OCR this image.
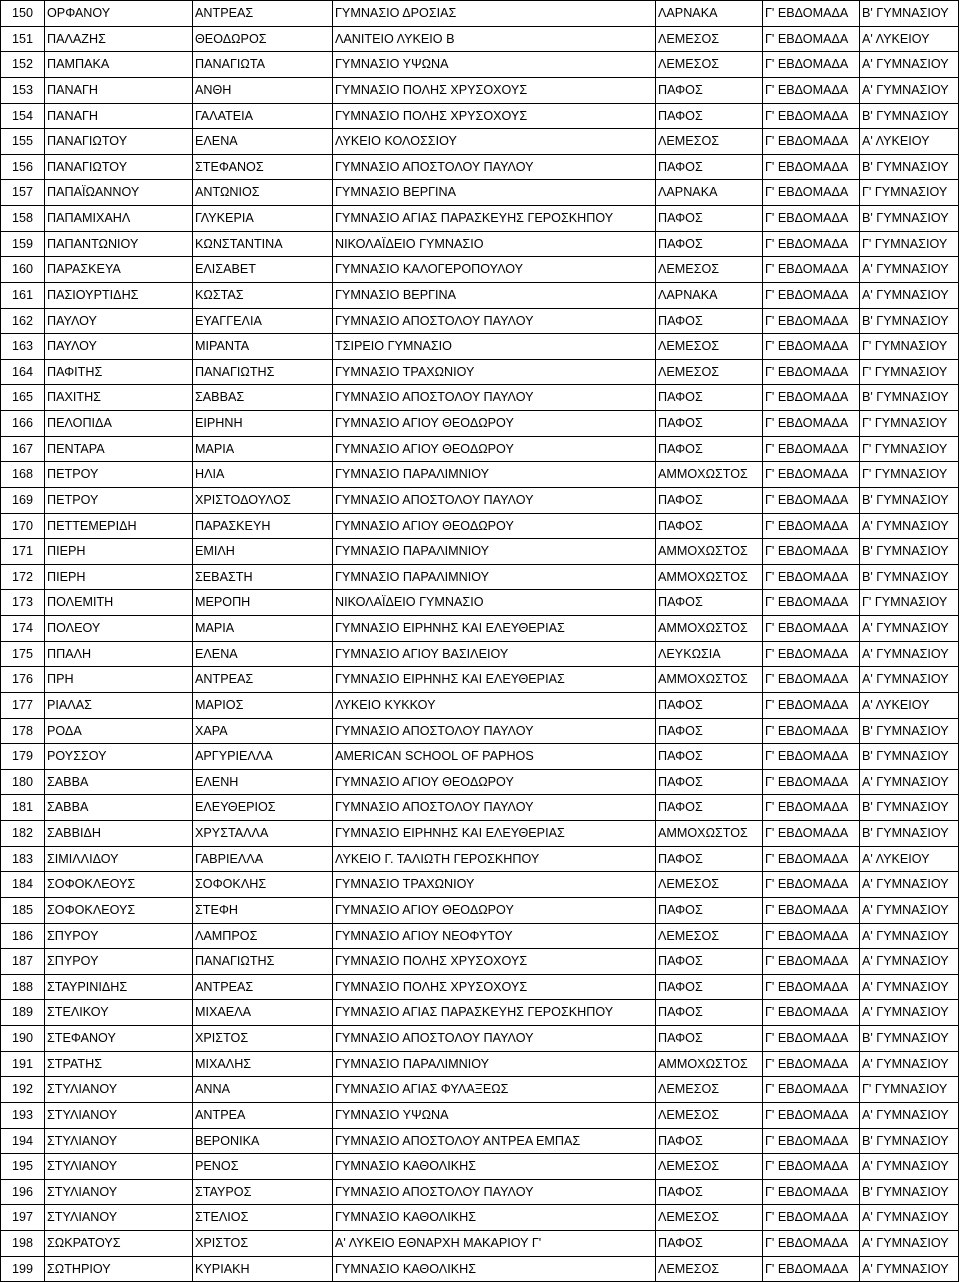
150	ΟΡΦΑΝΟΥ	ΑΝΤΡΕΑΣ	ΓΥΜΝΑΣΙΟ ΔΡΟΣΙΑΣ	ΛΑΡΝΑΚΑ	Γ' ΕΒΔΟΜΑΔΑ	Β' ΓΥΜΝΑΣΙΟΥ
151	ΠΑΛΑΖΗΣ	ΘΕΟΔΩΡΟΣ	ΛΑΝΙΤΕΙΟ ΛΥΚΕΙΟ Β	ΛΕΜΕΣΟΣ	Γ' ΕΒΔΟΜΑΔΑ	Α' ΛΥΚΕΙΟΥ
152	ΠΑΜΠΑΚΑ	ΠΑΝΑΓΙΩΤΑ	ΓΥΜΝΑΣΙΟ ΥΨΩΝΑ	ΛΕΜΕΣΟΣ	Γ' ΕΒΔΟΜΑΔΑ	Α' ΓΥΜΝΑΣΙΟΥ
153	ΠΑΝΑΓΗ	ΑΝΘΗ	ΓΥΜΝΑΣΙΟ ΠΟΛΗΣ ΧΡΥΣΟΧΟΥΣ	ΠΑΦΟΣ	Γ' ΕΒΔΟΜΑΔΑ	Α' ΓΥΜΝΑΣΙΟΥ
154	ΠΑΝΑΓΗ	ΓΑΛΑΤΕΙΑ	ΓΥΜΝΑΣΙΟ ΠΟΛΗΣ ΧΡΥΣΟΧΟΥΣ	ΠΑΦΟΣ	Γ' ΕΒΔΟΜΑΔΑ	Β' ΓΥΜΝΑΣΙΟΥ
155	ΠΑΝΑΓΙΩΤΟΥ	ΕΛΕΝΑ	ΛΥΚΕΙΟ ΚΟΛΟΣΣΙΟΥ	ΛΕΜΕΣΟΣ	Γ' ΕΒΔΟΜΑΔΑ	Α' ΛΥΚΕΙΟΥ
156	ΠΑΝΑΓΙΩΤΟΥ	ΣΤΕΦΑΝΟΣ	ΓΥΜΝΑΣΙΟ ΑΠΟΣΤΟΛΟΥ ΠΑΥΛΟΥ	ΠΑΦΟΣ	Γ' ΕΒΔΟΜΑΔΑ	Β' ΓΥΜΝΑΣΙΟΥ
157	ΠΑΠΑΪΩΑΝΝΟΥ	ΑΝΤΩΝΙΟΣ	ΓΥΜΝΑΣΙΟ ΒΕΡΓΙΝΑ	ΛΑΡΝΑΚΑ	Γ' ΕΒΔΟΜΑΔΑ	Γ' ΓΥΜΝΑΣΙΟΥ
158	ΠΑΠΑΜΙΧΑΗΛ	ΓΛΥΚΕΡΙΑ	ΓΥΜΝΑΣΙΟ ΑΓΙΑΣ ΠΑΡΑΣΚΕΥΗΣ ΓΕΡΟΣΚΗΠΟΥ	ΠΑΦΟΣ	Γ' ΕΒΔΟΜΑΔΑ	Β' ΓΥΜΝΑΣΙΟΥ
159	ΠΑΠΑΝΤΩΝΙΟΥ	ΚΩΝΣΤΑΝΤΙΝΑ	ΝΙΚΟΛΑΪΔΕΙΟ ΓΥΜΝΑΣΙΟ	ΠΑΦΟΣ	Γ' ΕΒΔΟΜΑΔΑ	Γ' ΓΥΜΝΑΣΙΟΥ
160	ΠΑΡΑΣΚΕΥΑ	ΕΛΙΣΑΒΕΤ	ΓΥΜΝΑΣΙΟ ΚΑΛΟΓΕΡΟΠΟΥΛΟΥ	ΛΕΜΕΣΟΣ	Γ' ΕΒΔΟΜΑΔΑ	Α' ΓΥΜΝΑΣΙΟΥ
161	ΠΑΣΙΟΥΡΤΙΔΗΣ	ΚΩΣΤΑΣ	ΓΥΜΝΑΣΙΟ ΒΕΡΓΙΝΑ	ΛΑΡΝΑΚΑ	Γ' ΕΒΔΟΜΑΔΑ	Α' ΓΥΜΝΑΣΙΟΥ
162	ΠΑΥΛΟΥ	ΕΥΑΓΓΕΛΙΑ	ΓΥΜΝΑΣΙΟ ΑΠΟΣΤΟΛΟΥ ΠΑΥΛΟΥ	ΠΑΦΟΣ	Γ' ΕΒΔΟΜΑΔΑ	Β' ΓΥΜΝΑΣΙΟΥ
163	ΠΑΥΛΟΥ	ΜΙΡΑΝΤΑ	ΤΣΙΡΕΙΟ ΓΥΜΝΑΣΙΟ	ΛΕΜΕΣΟΣ	Γ' ΕΒΔΟΜΑΔΑ	Γ' ΓΥΜΝΑΣΙΟΥ
164	ΠΑΦΙΤΗΣ	ΠΑΝΑΓΙΩΤΗΣ	ΓΥΜΝΑΣΙΟ ΤΡΑΧΩΝΙΟΥ	ΛΕΜΕΣΟΣ	Γ' ΕΒΔΟΜΑΔΑ	Γ' ΓΥΜΝΑΣΙΟΥ
165	ΠΑΧΙΤΗΣ	ΣΑΒΒΑΣ	ΓΥΜΝΑΣΙΟ ΑΠΟΣΤΟΛΟΥ ΠΑΥΛΟΥ	ΠΑΦΟΣ	Γ' ΕΒΔΟΜΑΔΑ	Β' ΓΥΜΝΑΣΙΟΥ
166	ΠΕΛΟΠΙΔΑ	ΕΙΡΗΝΗ	ΓΥΜΝΑΣΙΟ ΑΓΙΟΥ ΘΕΟΔΩΡΟΥ	ΠΑΦΟΣ	Γ' ΕΒΔΟΜΑΔΑ	Γ' ΓΥΜΝΑΣΙΟΥ
167	ΠΕΝΤΑΡΑ	ΜΑΡΙΑ	ΓΥΜΝΑΣΙΟ ΑΓΙΟΥ ΘΕΟΔΩΡΟΥ	ΠΑΦΟΣ	Γ' ΕΒΔΟΜΑΔΑ	Γ' ΓΥΜΝΑΣΙΟΥ
168	ΠΕΤΡΟΥ	ΗΛΙΑ	ΓΥΜΝΑΣΙΟ ΠΑΡΑΛΙΜΝΙΟΥ	ΑΜΜΟΧΩΣΤΟΣ	Γ' ΕΒΔΟΜΑΔΑ	Γ' ΓΥΜΝΑΣΙΟΥ
169	ΠΕΤΡΟΥ	ΧΡΙΣΤΟΔΟΥΛΟΣ	ΓΥΜΝΑΣΙΟ ΑΠΟΣΤΟΛΟΥ ΠΑΥΛΟΥ	ΠΑΦΟΣ	Γ' ΕΒΔΟΜΑΔΑ	Β' ΓΥΜΝΑΣΙΟΥ
170	ΠΕΤΤΕΜΕΡΙΔΗ	ΠΑΡΑΣΚΕΥΗ	ΓΥΜΝΑΣΙΟ ΑΓΙΟΥ ΘΕΟΔΩΡΟΥ	ΠΑΦΟΣ	Γ' ΕΒΔΟΜΑΔΑ	Α' ΓΥΜΝΑΣΙΟΥ
171	ΠΙΕΡΗ	ΕΜΙΛΗ	ΓΥΜΝΑΣΙΟ ΠΑΡΑΛΙΜΝΙΟΥ	ΑΜΜΟΧΩΣΤΟΣ	Γ' ΕΒΔΟΜΑΔΑ	Β' ΓΥΜΝΑΣΙΟΥ
172	ΠΙΕΡΗ	ΣΕΒΑΣΤΗ	ΓΥΜΝΑΣΙΟ ΠΑΡΑΛΙΜΝΙΟΥ	ΑΜΜΟΧΩΣΤΟΣ	Γ' ΕΒΔΟΜΑΔΑ	Β' ΓΥΜΝΑΣΙΟΥ
173	ΠΟΛΕΜΙΤΗ	ΜΕΡΟΠΗ	ΝΙΚΟΛΑΪΔΕΙΟ ΓΥΜΝΑΣΙΟ	ΠΑΦΟΣ	Γ' ΕΒΔΟΜΑΔΑ	Γ' ΓΥΜΝΑΣΙΟΥ
174	ΠΟΛΕΟΥ	ΜΑΡΙΑ	ΓΥΜΝΑΣΙΟ ΕΙΡΗΝΗΣ ΚΑΙ ΕΛΕΥΘΕΡΙΑΣ	ΑΜΜΟΧΩΣΤΟΣ	Γ' ΕΒΔΟΜΑΔΑ	Α' ΓΥΜΝΑΣΙΟΥ
175	ΠΠΑΛΗ	ΕΛΕΝΑ	ΓΥΜΝΑΣΙΟ ΑΓΙΟΥ ΒΑΣΙΛΕΙΟΥ	ΛΕΥΚΩΣΙΑ	Γ' ΕΒΔΟΜΑΔΑ	Α' ΓΥΜΝΑΣΙΟΥ
176	ΠΡΗ	ΑΝΤΡΕΑΣ	ΓΥΜΝΑΣΙΟ ΕΙΡΗΝΗΣ ΚΑΙ ΕΛΕΥΘΕΡΙΑΣ	ΑΜΜΟΧΩΣΤΟΣ	Γ' ΕΒΔΟΜΑΔΑ	Α' ΓΥΜΝΑΣΙΟΥ
177	ΡΙΑΛΑΣ	ΜΑΡΙΟΣ	ΛΥΚΕΙΟ ΚΥΚΚΟΥ	ΠΑΦΟΣ	Γ' ΕΒΔΟΜΑΔΑ	Α' ΛΥΚΕΙΟΥ
178	ΡΟΔΑ	ΧΑΡΑ	ΓΥΜΝΑΣΙΟ ΑΠΟΣΤΟΛΟΥ ΠΑΥΛΟΥ	ΠΑΦΟΣ	Γ' ΕΒΔΟΜΑΔΑ	Β' ΓΥΜΝΑΣΙΟΥ
179	ΡΟΥΣΣΟΥ	ΑΡΓΥΡΙΕΛΛΑ	AMERICAN SCHOOL OF PAPHOS	ΠΑΦΟΣ	Γ' ΕΒΔΟΜΑΔΑ	Β' ΓΥΜΝΑΣΙΟΥ
180	ΣΑΒΒΑ	ΕΛΕΝΗ	ΓΥΜΝΑΣΙΟ ΑΓΙΟΥ ΘΕΟΔΩΡΟΥ	ΠΑΦΟΣ	Γ' ΕΒΔΟΜΑΔΑ	Α' ΓΥΜΝΑΣΙΟΥ
181	ΣΑΒΒΑ	ΕΛΕΥΘΕΡΙΟΣ	ΓΥΜΝΑΣΙΟ ΑΠΟΣΤΟΛΟΥ ΠΑΥΛΟΥ	ΠΑΦΟΣ	Γ' ΕΒΔΟΜΑΔΑ	Β' ΓΥΜΝΑΣΙΟΥ
182	ΣΑΒΒΙΔΗ	ΧΡΥΣΤΑΛΛΑ	ΓΥΜΝΑΣΙΟ ΕΙΡΗΝΗΣ ΚΑΙ ΕΛΕΥΘΕΡΙΑΣ	ΑΜΜΟΧΩΣΤΟΣ	Γ' ΕΒΔΟΜΑΔΑ	Β' ΓΥΜΝΑΣΙΟΥ
183	ΣΙΜΙΛΛΙΔΟΥ	ΓΑΒΡΙΕΛΛΑ	ΛΥΚΕΙΟ Γ. ΤΑΛΙΩΤΗ ΓΕΡΟΣΚΗΠΟΥ	ΠΑΦΟΣ	Γ' ΕΒΔΟΜΑΔΑ	Α' ΛΥΚΕΙΟΥ
184	ΣΟΦΟΚΛΕΟΥΣ	ΣΟΦΟΚΛΗΣ	ΓΥΜΝΑΣΙΟ ΤΡΑΧΩΝΙΟΥ	ΛΕΜΕΣΟΣ	Γ' ΕΒΔΟΜΑΔΑ	Α' ΓΥΜΝΑΣΙΟΥ
185	ΣΟΦΟΚΛΕΟΥΣ	ΣΤΕΦΗ	ΓΥΜΝΑΣΙΟ ΑΓΙΟΥ ΘΕΟΔΩΡΟΥ	ΠΑΦΟΣ	Γ' ΕΒΔΟΜΑΔΑ	Α' ΓΥΜΝΑΣΙΟΥ
186	ΣΠΥΡΟΥ	ΛΑΜΠΡΟΣ	ΓΥΜΝΑΣΙΟ ΑΓΙΟΥ ΝΕΟΦΥΤΟΥ	ΛΕΜΕΣΟΣ	Γ' ΕΒΔΟΜΑΔΑ	Α' ΓΥΜΝΑΣΙΟΥ
187	ΣΠΥΡΟΥ	ΠΑΝΑΓΙΩΤΗΣ	ΓΥΜΝΑΣΙΟ ΠΟΛΗΣ ΧΡΥΣΟΧΟΥΣ	ΠΑΦΟΣ	Γ' ΕΒΔΟΜΑΔΑ	Α' ΓΥΜΝΑΣΙΟΥ
188	ΣΤΑΥΡΙΝΙΔΗΣ	ΑΝΤΡΕΑΣ	ΓΥΜΝΑΣΙΟ ΠΟΛΗΣ ΧΡΥΣΟΧΟΥΣ	ΠΑΦΟΣ	Γ' ΕΒΔΟΜΑΔΑ	Α' ΓΥΜΝΑΣΙΟΥ
189	ΣΤΕΛΙΚΟΥ	ΜΙΧΑΕΛΑ	ΓΥΜΝΑΣΙΟ ΑΓΙΑΣ ΠΑΡΑΣΚΕΥΗΣ ΓΕΡΟΣΚΗΠΟΥ	ΠΑΦΟΣ	Γ' ΕΒΔΟΜΑΔΑ	Α' ΓΥΜΝΑΣΙΟΥ
190	ΣΤΕΦΑΝΟΥ	ΧΡΙΣΤΟΣ	ΓΥΜΝΑΣΙΟ ΑΠΟΣΤΟΛΟΥ ΠΑΥΛΟΥ	ΠΑΦΟΣ	Γ' ΕΒΔΟΜΑΔΑ	Β' ΓΥΜΝΑΣΙΟΥ
191	ΣΤΡΑΤΗΣ	ΜΙΧΑΛΗΣ	ΓΥΜΝΑΣΙΟ ΠΑΡΑΛΙΜΝΙΟΥ	ΑΜΜΟΧΩΣΤΟΣ	Γ' ΕΒΔΟΜΑΔΑ	Α' ΓΥΜΝΑΣΙΟΥ
192	ΣΤΥΛΙΑΝΟΥ	ΑΝΝΑ	ΓΥΜΝΑΣΙΟ ΑΓΙΑΣ ΦΥΛΑΞΕΩΣ	ΛΕΜΕΣΟΣ	Γ' ΕΒΔΟΜΑΔΑ	Γ' ΓΥΜΝΑΣΙΟΥ
193	ΣΤΥΛΙΑΝΟΥ	ΑΝΤΡΕΑ	ΓΥΜΝΑΣΙΟ ΥΨΩΝΑ	ΛΕΜΕΣΟΣ	Γ' ΕΒΔΟΜΑΔΑ	Α' ΓΥΜΝΑΣΙΟΥ
194	ΣΤΥΛΙΑΝΟΥ	ΒΕΡΟΝΙΚΑ	ΓΥΜΝΑΣΙΟ ΑΠΟΣΤΟΛΟΥ ΑΝΤΡΕΑ ΕΜΠΑΣ	ΠΑΦΟΣ	Γ' ΕΒΔΟΜΑΔΑ	Β' ΓΥΜΝΑΣΙΟΥ
195	ΣΤΥΛΙΑΝΟΥ	ΡΕΝΟΣ	ΓΥΜΝΑΣΙΟ ΚΑΘΟΛΙΚΗΣ	ΛΕΜΕΣΟΣ	Γ' ΕΒΔΟΜΑΔΑ	Α' ΓΥΜΝΑΣΙΟΥ
196	ΣΤΥΛΙΑΝΟΥ	ΣΤΑΥΡΟΣ	ΓΥΜΝΑΣΙΟ ΑΠΟΣΤΟΛΟΥ ΠΑΥΛΟΥ	ΠΑΦΟΣ	Γ' ΕΒΔΟΜΑΔΑ	Β' ΓΥΜΝΑΣΙΟΥ
197	ΣΤΥΛΙΑΝΟΥ	ΣΤΕΛΙΟΣ	ΓΥΜΝΑΣΙΟ ΚΑΘΟΛΙΚΗΣ	ΛΕΜΕΣΟΣ	Γ' ΕΒΔΟΜΑΔΑ	Α' ΓΥΜΝΑΣΙΟΥ
198	ΣΩΚΡΑΤΟΥΣ	ΧΡΙΣΤΟΣ	Α' ΛΥΚΕΙΟ ΕΘΝΑΡΧΗ ΜΑΚΑΡΙΟΥ Γ'	ΠΑΦΟΣ	Γ' ΕΒΔΟΜΑΔΑ	Α' ΓΥΜΝΑΣΙΟΥ
199	ΣΩΤΗΡΙΟΥ	ΚΥΡΙΑΚΗ	ΓΥΜΝΑΣΙΟ ΚΑΘΟΛΙΚΗΣ	ΛΕΜΕΣΟΣ	Γ' ΕΒΔΟΜΑΔΑ	Α' ΓΥΜΝΑΣΙΟΥ
